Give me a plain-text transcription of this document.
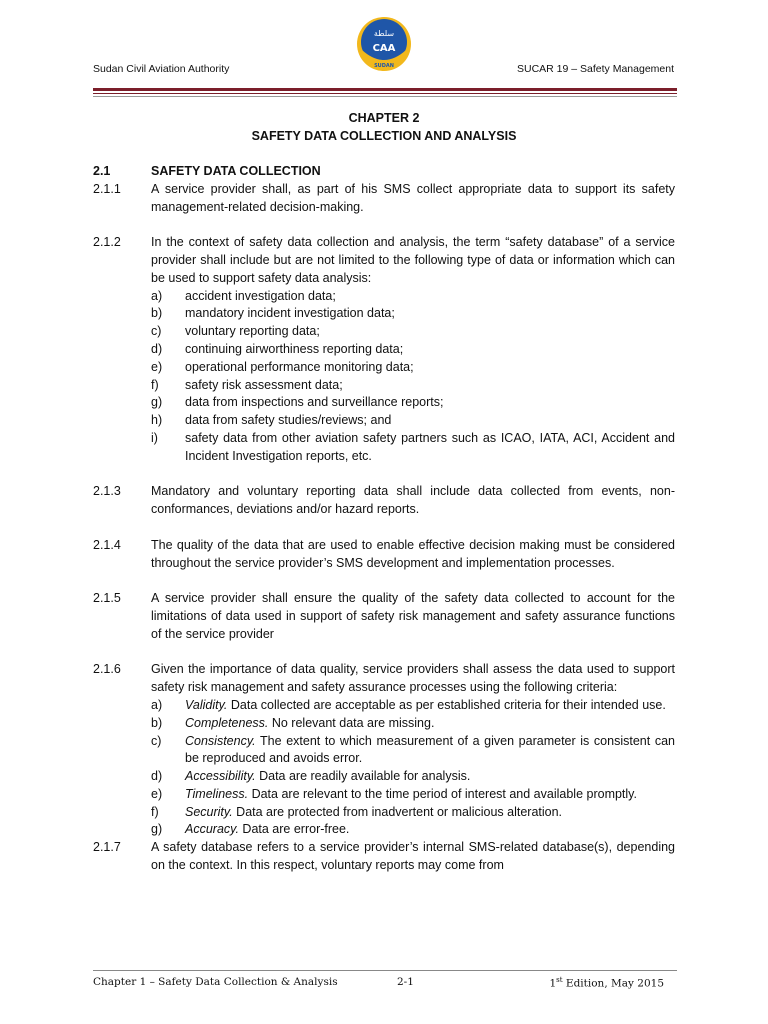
Sudan Civil Aviation Authority
ﺳﻠﻄﺔ
CAA
SUDAN	SUCAR 19 – Safety Management
CHAPTER 2
SAFETY DATA COLLECTION AND ANALYSIS
2.1	SAFETY DATA COLLECTION
2.1.1	A service provider shall, as part of his SMS collect appropriate data to support its safety management-related decision-making.
2.1.2	In the context of safety data collection and analysis, the term “safety database” of a service provider shall include but are not limited to the following type of data or information which can be used to support safety data analysis:
a)	accident investigation data;
b)	mandatory incident investigation data;
c)	voluntary reporting data;
d)	continuing airworthiness reporting data;
e)	operational performance monitoring data;
f)	safety risk assessment data;
g)	data from inspections and surveillance reports;
h)	data from safety studies/reviews; and
i)	safety data from other aviation safety partners such as ICAO, IATA, ACI, Accident and Incident Investigation reports, etc.
2.1.3	Mandatory and voluntary reporting data shall include data collected from events, non-conformances, deviations and/or hazard reports.
2.1.4	The quality of the data that are used to enable effective decision making must be considered throughout the service provider’s SMS development and implementation processes.
2.1.5	A service provider shall ensure the quality of the safety data collected to account for the limitations of data used in support of safety risk management and safety assurance functions of the service provider
2.1.6	Given the importance of data quality, service providers shall assess the data used to support safety risk management and safety assurance processes using the following criteria:
a)	Validity. Data collected are acceptable as per established criteria for their intended use.
b)	Completeness. No relevant data are missing.
c)	Consistency. The extent to which measurement of a given parameter is consistent can be reproduced and avoids error.
d)	Accessibility. Data are readily available for analysis.
e)	Timeliness. Data are relevant to the time period of interest and available promptly.
f)	Security. Data are protected from inadvertent or malicious alteration.
g)	Accuracy. Data are error-free.
2.1.7	A safety database refers to a service provider’s internal SMS-related database(s), depending on the context. In this respect, voluntary reports may come from
Chapter 1 – Safety Data Collection & Analysis	2-1	1st Edition, May 2015
